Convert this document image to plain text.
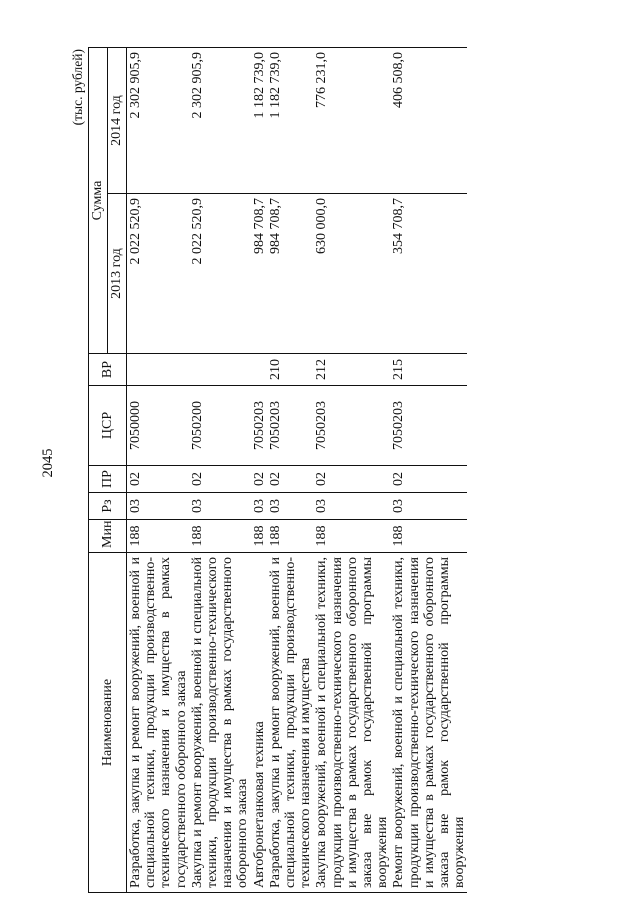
2045
(тыс. рублей)
Наименование	Мин	Рз	ПР	ЦСР	ВР	Сумма	
						2013 год	2014 год
Разработка, закупка и ремонт вооружений, военной и специальной техники, продукции производственно-технического назначения и имущества в рамках государственного оборонного заказа	188	03	02	7050000		2 022 520,9	2 302 905,9
Закупка и ремонт вооружений, военной и специальной техники, продукции производственно-технического назначения и имущества в рамках государственного оборонного заказа	188	03	02	7050200		2 022 520,9	2 302 905,9
Автобронетанковая техника	188	03	02	7050203		984 708,7	1 182 739,0
Разработка, закупка и ремонт вооружений, военной и специальной техники, продукции производственно-технического назначения и имущества	188	03	02	7050203	210	984 708,7	1 182 739,0
Закупка вооружений, военной и специальной техники, продукции производственно-технического назначения и имущества в рамках государственного оборонного заказа вне рамок государственной программы вооружения	188	03	02	7050203	212	630 000,0	776 231,0
Ремонт вооружений, военной и специальной техники, продукции производственно-технического назначения и имущества в рамках государственного оборонного заказа вне рамок государственной программы вооружения	188	03	02	7050203	215	354 708,7	406 508,0
